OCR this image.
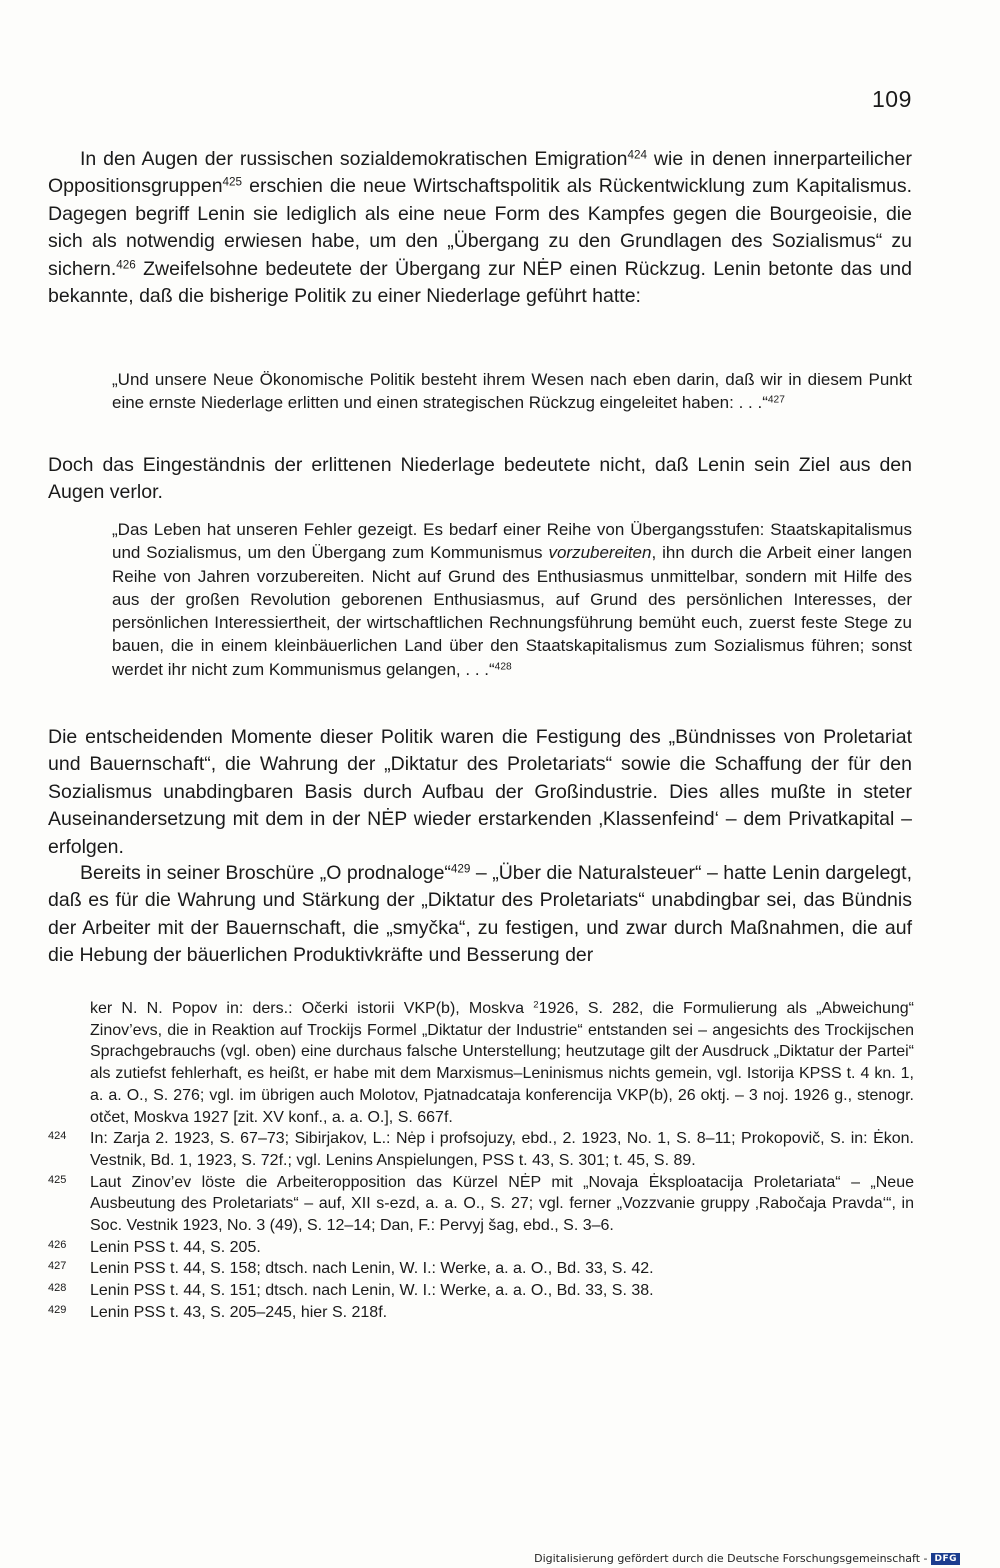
109

In den Augen der russischen sozialdemokratischen Emigration$^{424}$ wie in denen innerparteilicher Oppositionsgruppen$^{425}$ erschien die neue Wirtschaftspolitik als Rückentwicklung zum Kapitalismus. Dagegen begriff Lenin sie lediglich als eine neue Form des Kampfes gegen die Bourgeoisie, die sich als notwendig erwiesen habe, um den „Übergang zu den Grundlagen des Sozialismus“ zu sichern.$^{426}$ Zweifelsohne bedeutete der Übergang zur NĖP einen Rückzug. Lenin betonte das und bekannte, daß die bisherige Politik zu einer Niederlage geführt hatte:

„Und unsere Neue Ökonomische Politik besteht ihrem Wesen nach eben darin, daß wir in diesem Punkt eine ernste Niederlage erlitten und einen strategischen Rückzug eingeleitet haben: . . .“$^{427}$

Doch das Eingeständnis der erlittenen Niederlage bedeutete nicht, daß Lenin sein Ziel aus den Augen verlor.

„Das Leben hat unseren Fehler gezeigt. Es bedarf einer Reihe von Übergangsstufen: Staatskapitalismus und Sozialismus, um den Übergang zum Kommunismus vorzubereiten, ihn durch die Arbeit einer langen Reihe von Jahren vorzubereiten. Nicht auf Grund des Enthusiasmus unmittelbar, sondern mit Hilfe des aus der großen Revolution geborenen Enthusiasmus, auf Grund des persönlichen Interesses, der persönlichen Interessiertheit, der wirtschaftlichen Rechnungsführung bemüht euch, zuerst feste Stege zu bauen, die in einem kleinbäuerlichen Land über den Staatskapitalismus zum Sozialismus führen; sonst werdet ihr nicht zum Kommunismus gelangen, . . .“$^{428}$

Die entscheidenden Momente dieser Politik waren die Festigung des „Bündnisses von Proletariat und Bauernschaft“, die Wahrung der „Diktatur des Proletariats“ sowie die Schaffung der für den Sozialismus unabdingbaren Basis durch Aufbau der Großindustrie. Dies alles mußte in steter Auseinandersetzung mit dem in der NĖP wieder erstarkenden ‚Klassenfeind‘ – dem Privatkapital – erfolgen.

Bereits in seiner Broschüre „O prodnaloge“$^{429}$ – „Über die Naturalsteuer“ – hatte Lenin dargelegt, daß es für die Wahrung und Stärkung der „Diktatur des Proletariats“ unabdingbar sei, das Bündnis der Arbeiter mit der Bauernschaft, die „smyčka“, zu festigen, und zwar durch Maßnahmen, die auf die Hebung der bäuerlichen Produktivkräfte und Besserung der

ker N. N. Popov in: ders.: Očerki istorii VKP(b), Moskva $^2$1926, S. 282, die Formulierung als „Abweichung“ Zinov’evs, die in Reaktion auf Trockijs Formel „Diktatur der Industrie“ entstanden sei – angesichts des Trockijschen Sprachgebrauchs (vgl. oben) eine durchaus falsche Unterstellung; heutzutage gilt der Ausdruck „Diktatur der Partei“ als zutiefst fehlerhaft, es heißt, er habe mit dem Marxismus–Leninismus nichts gemein, vgl. Istorija KPSS t. 4 kn. 1, a. a. O., S. 276; vgl. im übrigen auch Molotov, Pjatnadcataja konferencija VKP(b), 26 oktj. – 3 noj. 1926 g., stenogr. otčet, Moskva 1927 [zit. XV konf., a. a. O.], S. 667f.
424	In: Zarja 2. 1923, S. 67–73; Sibirjakov, L.: Nėp i profsojuzy, ebd., 2. 1923, No. 1, S. 8–11; Prokopovič, S. in: Ėkon. Vestnik, Bd. 1, 1923, S. 72f.; vgl. Lenins Anspielungen, PSS t. 43, S. 301; t. 45, S. 89.
425	Laut Zinov’ev löste die Arbeiteropposition das Kürzel NĖP mit „Novaja Ėksploatacija Proletariata“ – „Neue Ausbeutung des Proletariats“ – auf, XII s-ezd, a. a. O., S. 27; vgl. ferner „Vozzvanie gruppy ‚Rabočaja Pravda‘“, in Soc. Vestnik 1923, No. 3 (49), S. 12–14; Dan, F.: Pervyj šag, ebd., S. 3–6.
426	Lenin PSS t. 44, S. 205.
427	Lenin PSS t. 44, S. 158; dtsch. nach Lenin, W. I.: Werke, a. a. O., Bd. 33, S. 42.
428	Lenin PSS t. 44, S. 151; dtsch. nach Lenin, W. I.: Werke, a. a. O., Bd. 33, S. 38.
429	Lenin PSS t. 43, S. 205–245, hier S. 218f.
Digitalisierung gefördert durch die Deutsche Forschungsgemeinschaft - DFG
